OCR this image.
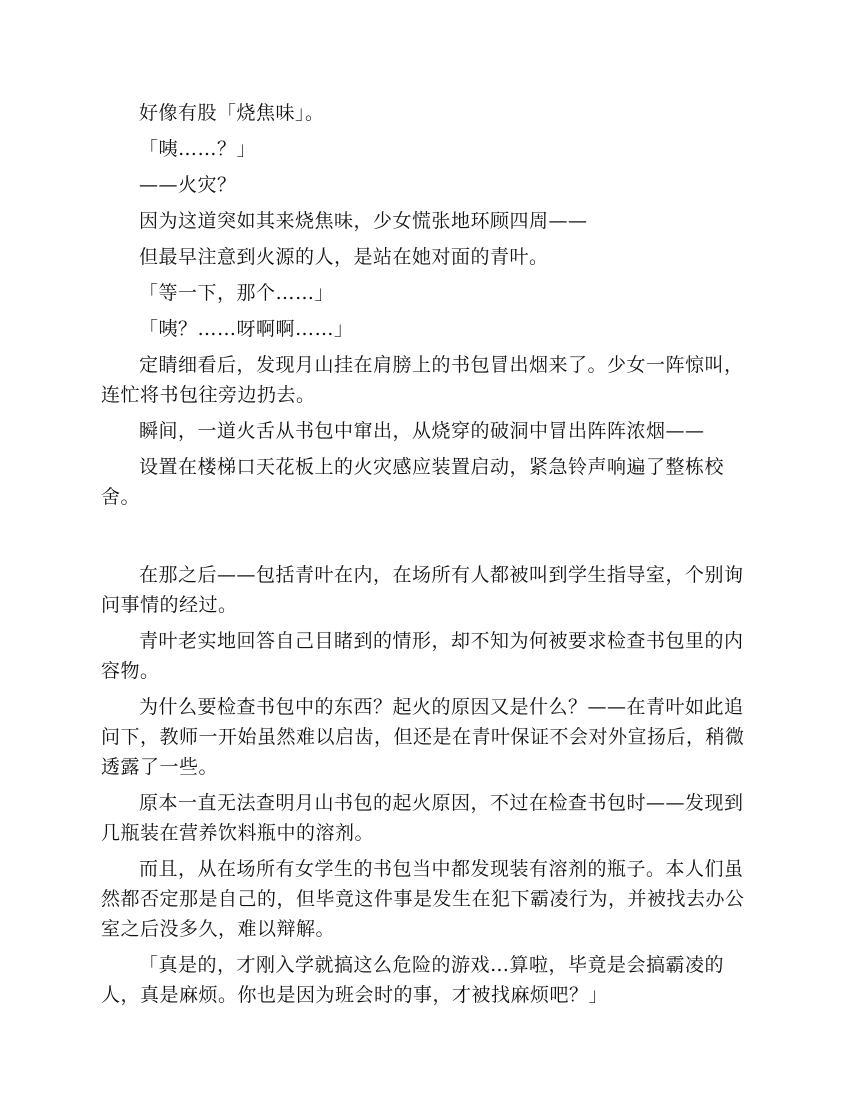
好像有股「烧焦味」。

「咦……？」

——火灾？

因为这道突如其来烧焦味，少女慌张地环顾四周——

但最早注意到火源的人，是站在她对面的青叶。

「等一下，那个……」

「咦？……呀啊啊……」

定睛细看后，发现月山挂在肩膀上的书包冒出烟来了。少女一阵惊叫，连忙将书包往旁边扔去。

瞬间，一道火舌从书包中窜出，从烧穿的破洞中冒出阵阵浓烟——

设置在楼梯口天花板上的火灾感应装置启动，紧急铃声响遍了整栋校舍。

在那之后——包括青叶在内，在场所有人都被叫到学生指导室，个别询问事情的经过。

青叶老实地回答自己目睹到的情形，却不知为何被要求检查书包里的内容物。

为什么要检查书包中的东西？起火的原因又是什么？——在青叶如此追问下，教师一开始虽然难以启齿，但还是在青叶保证不会对外宣扬后，稍微透露了一些。

原本一直无法查明月山书包的起火原因，不过在检查书包时——发现到几瓶装在营养饮料瓶中的溶剂。

而且，从在场所有女学生的书包当中都发现装有溶剂的瓶子。本人们虽然都否定那是自己的，但毕竟这件事是发生在犯下霸凌行为，并被找去办公室之后没多久，难以辩解。

「真是的，才刚入学就搞这么危险的游戏…算啦，毕竟是会搞霸凌的人，真是麻烦。你也是因为班会时的事，才被找麻烦吧？」
